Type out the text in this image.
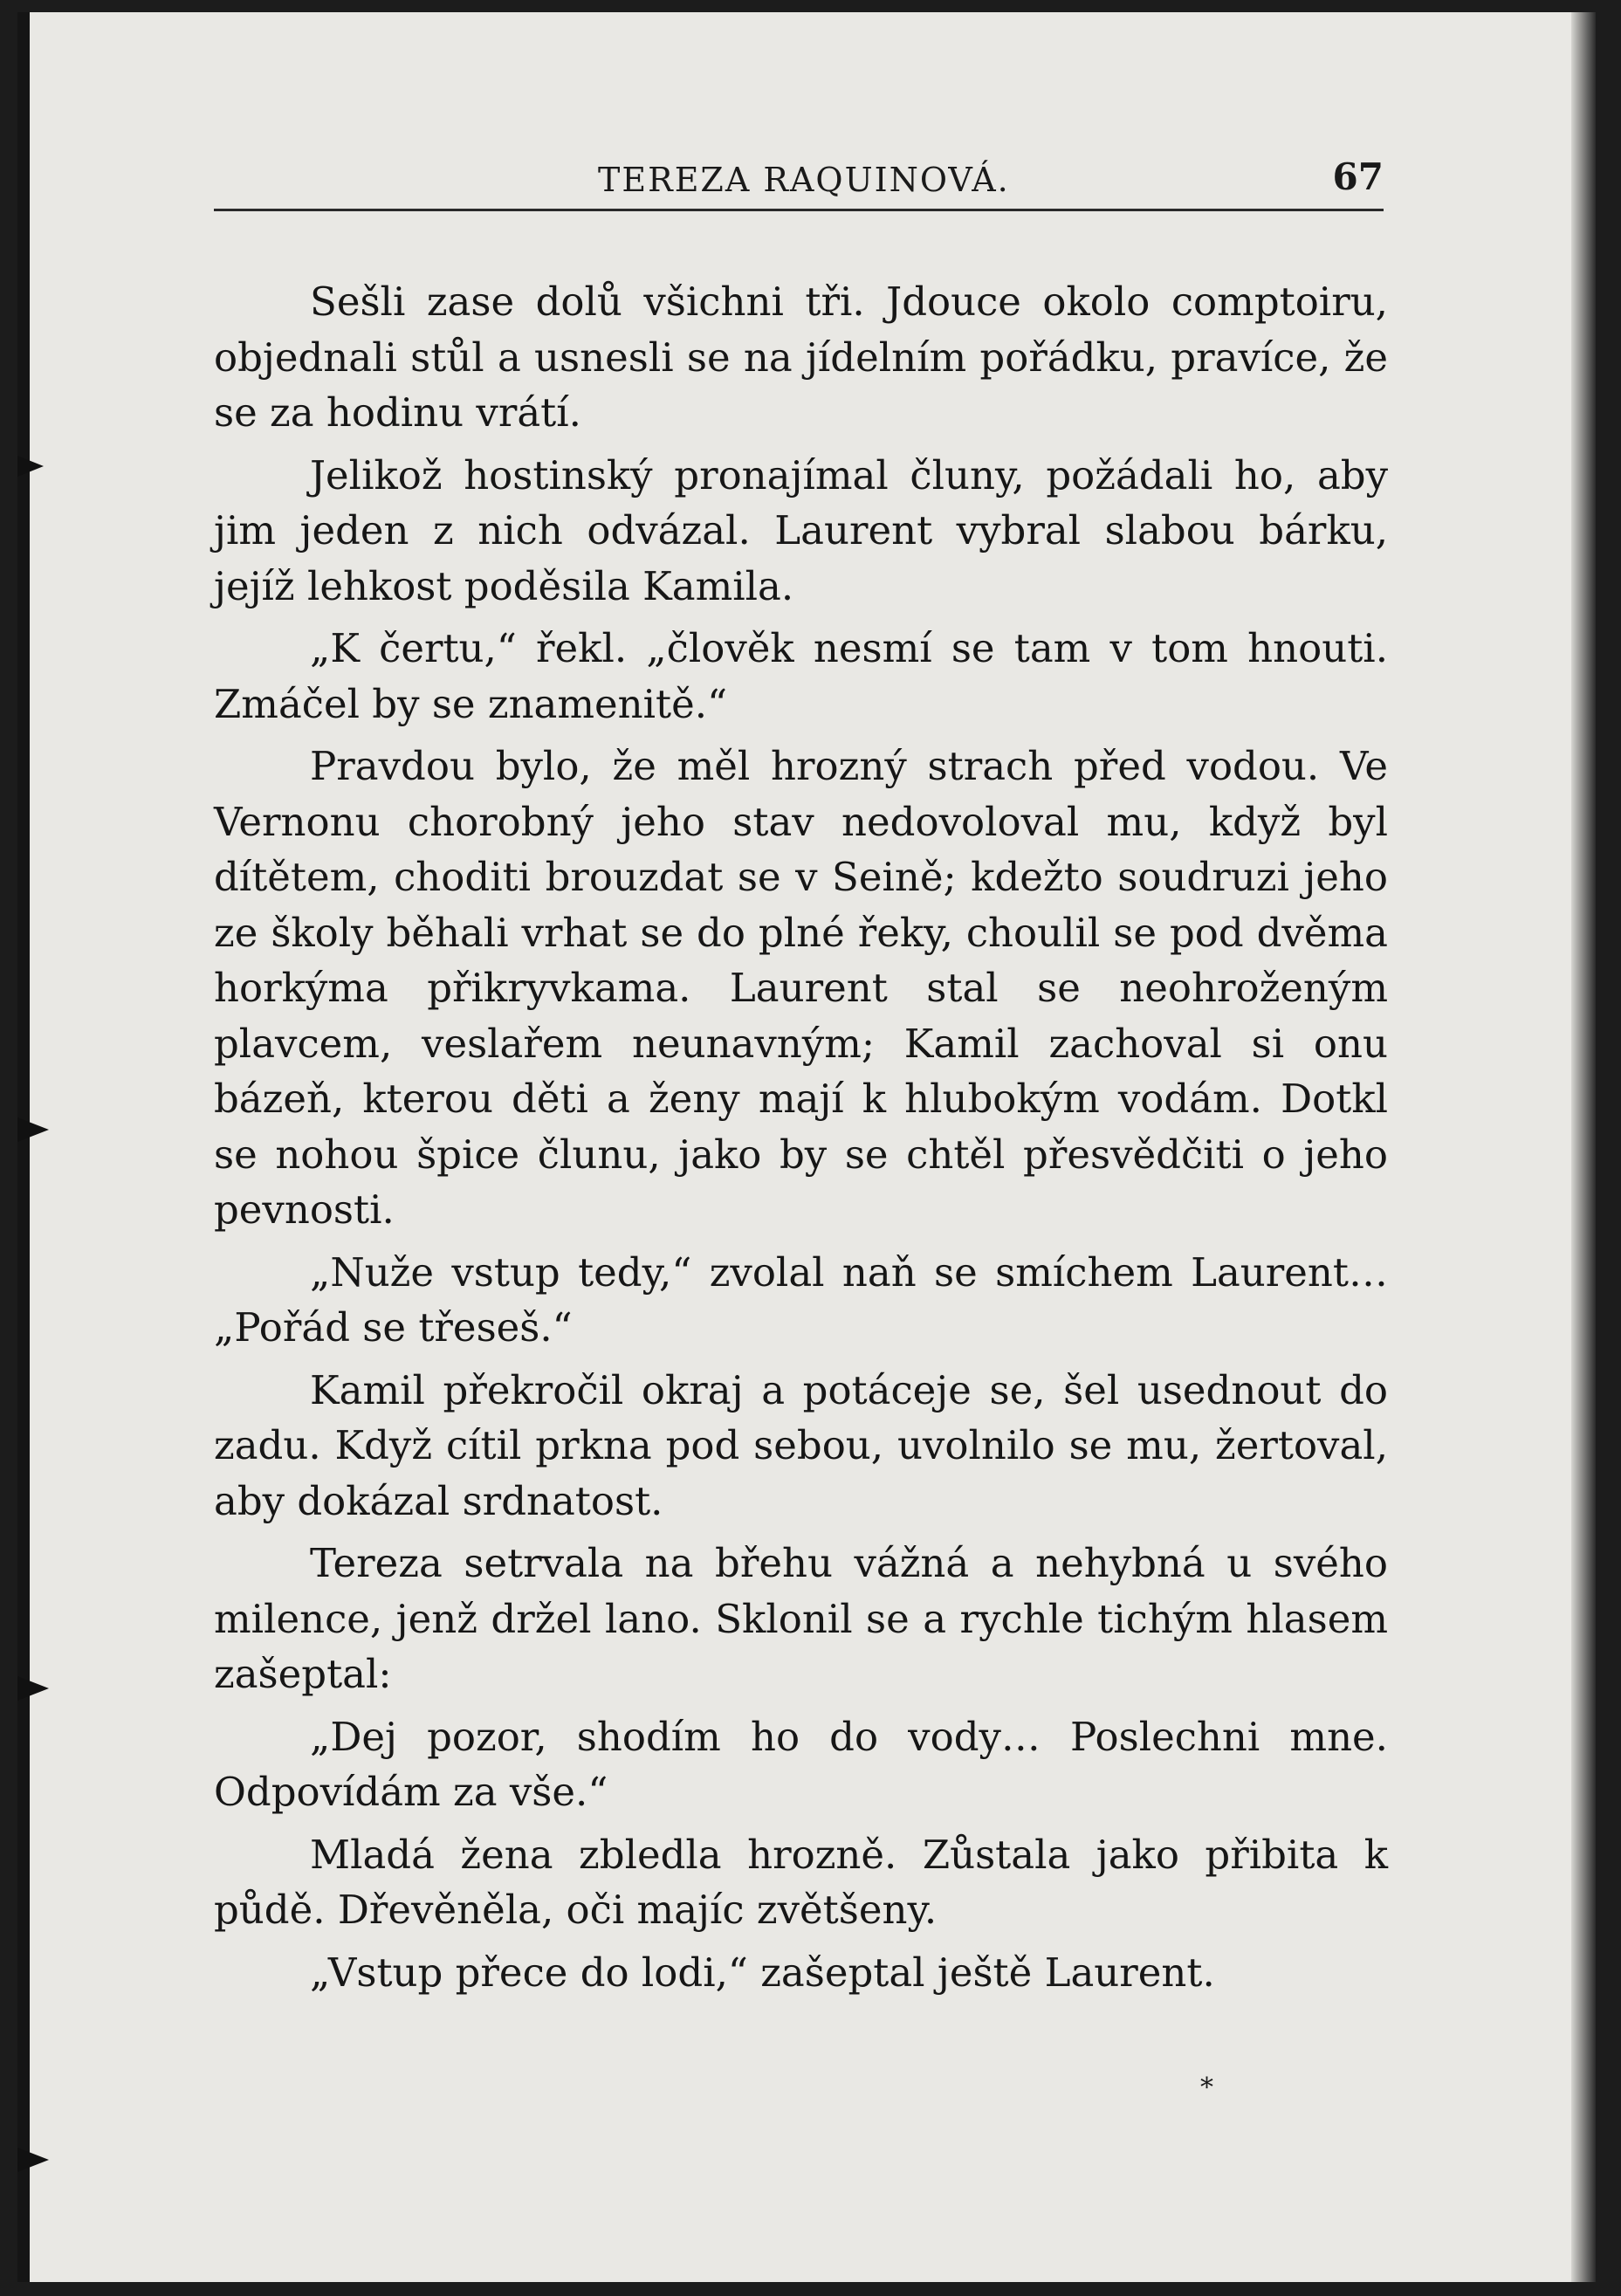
TEREZA RAQUINOVÁ.	67

Sešli zase dolů všichni tři. Jdouce okolo comptoiru, objednali stůl a usnesli se na jídelním pořádku, pravíce, že se za hodinu vrátí.

Jelikož hostinský pronajímal čluny, požádali ho, aby jim jeden z nich odvázal. Laurent vybral slabou bárku, jejíž lehkost poděsila Kamila.

„K čertu,“ řekl. „člověk nesmí se tam v tom hnouti. Zmáčel by se znamenitě.“

Pravdou bylo, že měl hrozný strach před vodou. Ve Vernonu chorobný jeho stav nedovoloval mu, když byl dítětem, choditi brouzdat se v Seině; kdežto soudruzi jeho ze školy běhali vrhat se do plné řeky, choulil se pod dvěma horkýma přikryvkama. Laurent stal se neohroženým plavcem, veslařem neunavným; Kamil zachoval si onu bázeň, kterou děti a ženy mají k hlubokým vodám. Dotkl se nohou špice člunu, jako by se chtěl přesvědčiti o jeho pevnosti.

„Nuže vstup tedy,“ zvolal naň se smíchem Laurent… „Pořád se třeseš.“

Kamil překročil okraj a potáceje se, šel usednout do zadu. Když cítil prkna pod sebou, uvolnilo se mu, žertoval, aby dokázal srdnatost.

Tereza setrvala na břehu vážná a nehybná u svého milence, jenž držel lano. Sklonil se a rychle tichým hlasem zašeptal:

„Dej pozor, shodím ho do vody… Poslechni mne. Odpovídám za vše.“

Mladá žena zbledla hrozně. Zůstala jako přibita k půdě. Dřevěněla, oči majíc zvětšeny.

„Vstup přece do lodi,“ zašeptal ještě Laurent.

*
